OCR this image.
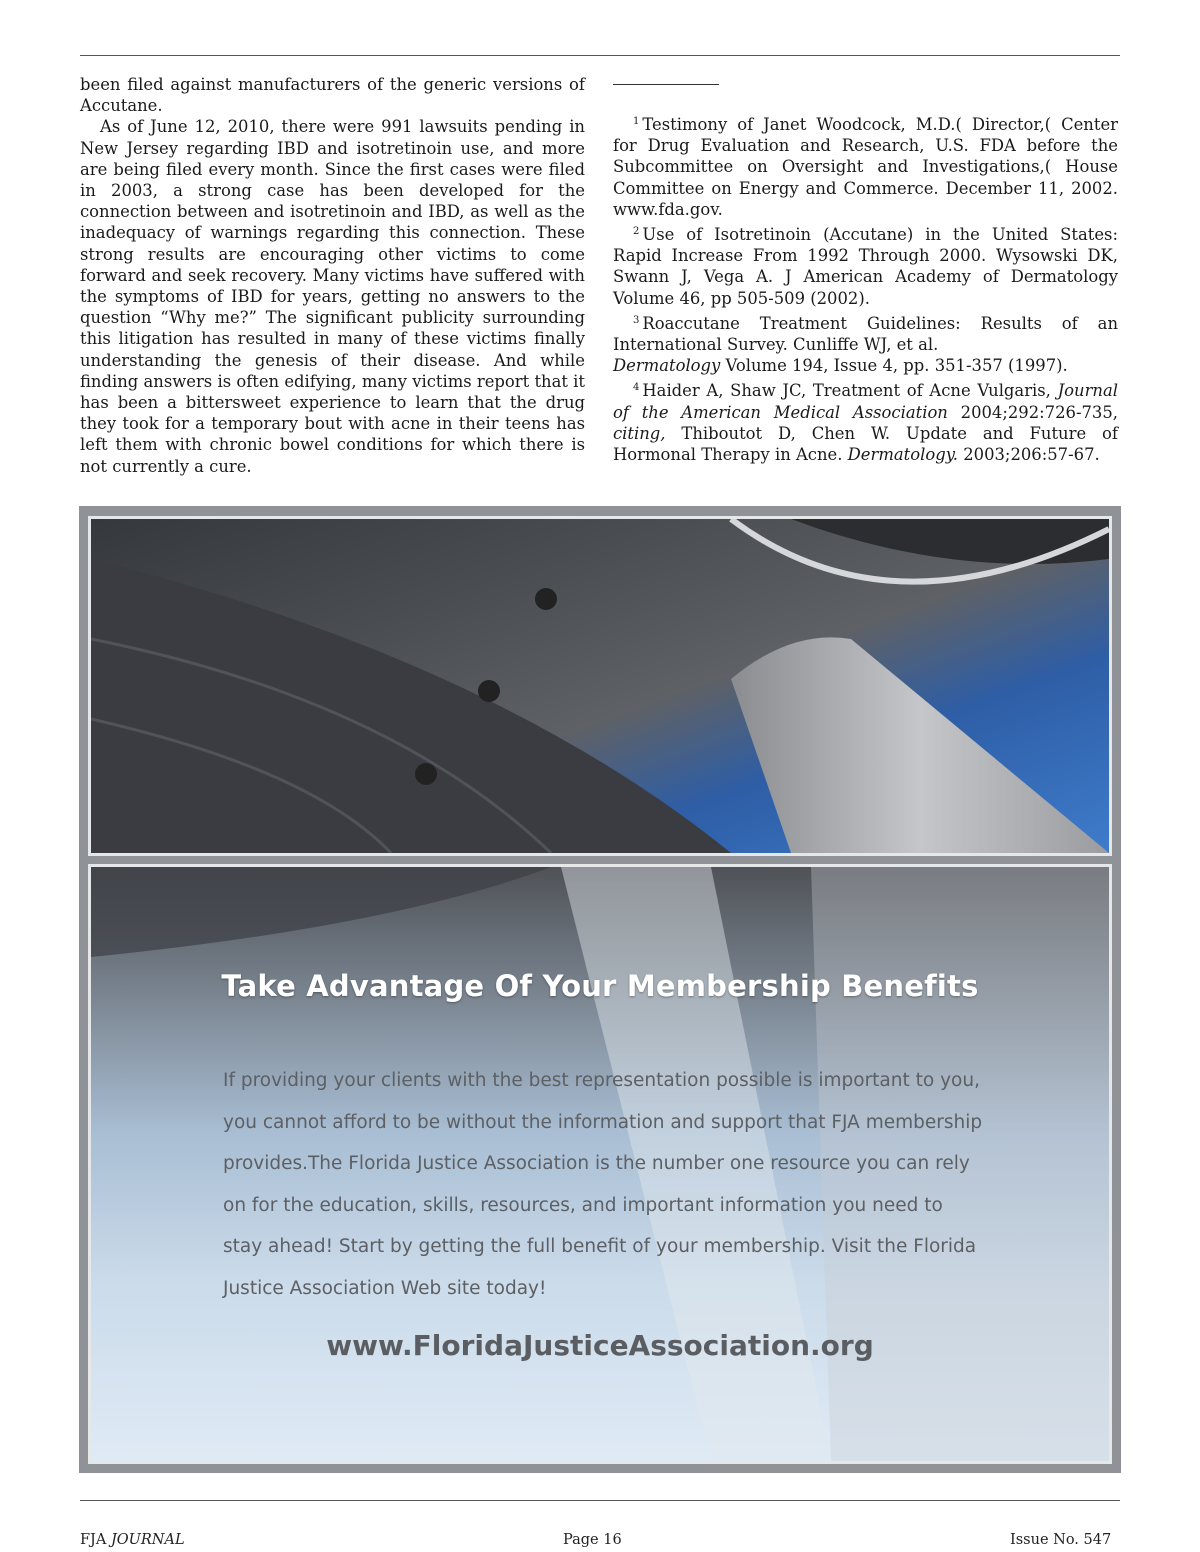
been filed against manufacturers of the generic versions of Accutane.

As of June 12, 2010, there were 991 lawsuits pending in New Jersey regarding IBD and isotretinoin use, and more are being filed every month. Since the first cases were filed in 2003, a strong case has been developed for the connection between and isotretinoin and IBD, as well as the inadequacy of warnings regarding this connection. These strong results are encouraging other victims to come forward and seek recovery. Many victims have suffered with the symptoms of IBD for years, getting no answers to the question “Why me?” The significant publicity surrounding this litigation has resulted in many of these victims finally understanding the genesis of their disease. And while finding answers is often edifying, many victims report that it has been a bittersweet experience to learn that the drug they took for a temporary bout with acne in their teens has left them with chronic bowel conditions for which there is not currently a cure.

$^1$ Testimony of Janet Woodcock, M.D.( Director,( Center for Drug Evaluation and Research, U.S. FDA before the Subcommittee on Oversight and Investigations,( House Committee on Energy and Commerce. December 11, 2002. www.fda.gov.

$^2$ Use of Isotretinoin (Accutane) in the United States: Rapid Increase From 1992 Through 2000. Wysowski DK, Swann J, Vega A. J American Academy of Dermatology Volume 46, pp 505-509 (2002).

$^3$ Roaccutane Treatment Guidelines: Results of an International Survey. Cunliffe WJ, et al.
Dermatology Volume 194, Issue 4, pp. 351-357 (1997).

$^4$ Haider A, Shaw JC, Treatment of Acne Vulgaris, Journal of the American Medical Association 2004;292:726-735, citing, Thiboutot D, Chen W. Update and Future of Hormonal Therapy in Acne. Dermatology. 2003;206:57-67.

Take Advantage Of Your Membership Benefits
If providing your clients with the best representation possible is important to you, you cannot afford to be without the information and support that FJA membership provides.The Florida Justice Association is the number one resource you can rely on for the education, skills, resources, and important information you need to stay ahead! Start by getting the full benefit of your membership. Visit the Florida Justice Association Web site today!
www.FloridaJusticeAssociation.org
FJA JOURNAL	Page 16	Issue No. 547
